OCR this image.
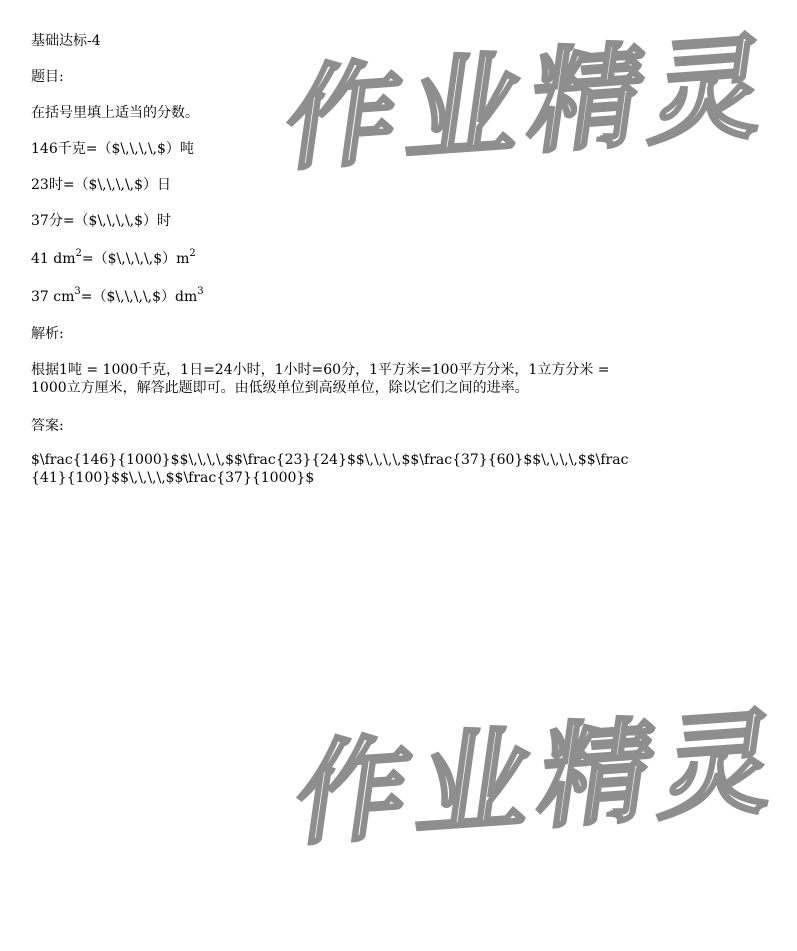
作业精灵
作业精灵
基础达标-4
题目:
在括号里填上适当的分数。
146千克=（$\,\,\,\,$）吨
23时=（$\,\,\,\,$）日
37分=（$\,\,\,\,$）时
41 $dm^2=(\$\backslash,\backslash,\backslash,\backslash,\$)m^2$
37 $cm^3=(\$\backslash,\backslash,\backslash,\backslash,\$)dm^3$
解析:
根据1吨 = 1000千克，1日=24小时，1小时=60分，1平方米=100平方分米，1立方分米 = 1000立方厘米，解答此题即可。由低级单位到高级单位，除以它们之间的进率。
答案:
$\frac{146}{1000}$$\,\,\,\,$$\frac{23}{24}$$\,\,\,\,$$\frac{37}{60}$$\,\,\,\,$$\frac{41}{100}$$\,\,\,\,$$\frac{37}{1000}$
